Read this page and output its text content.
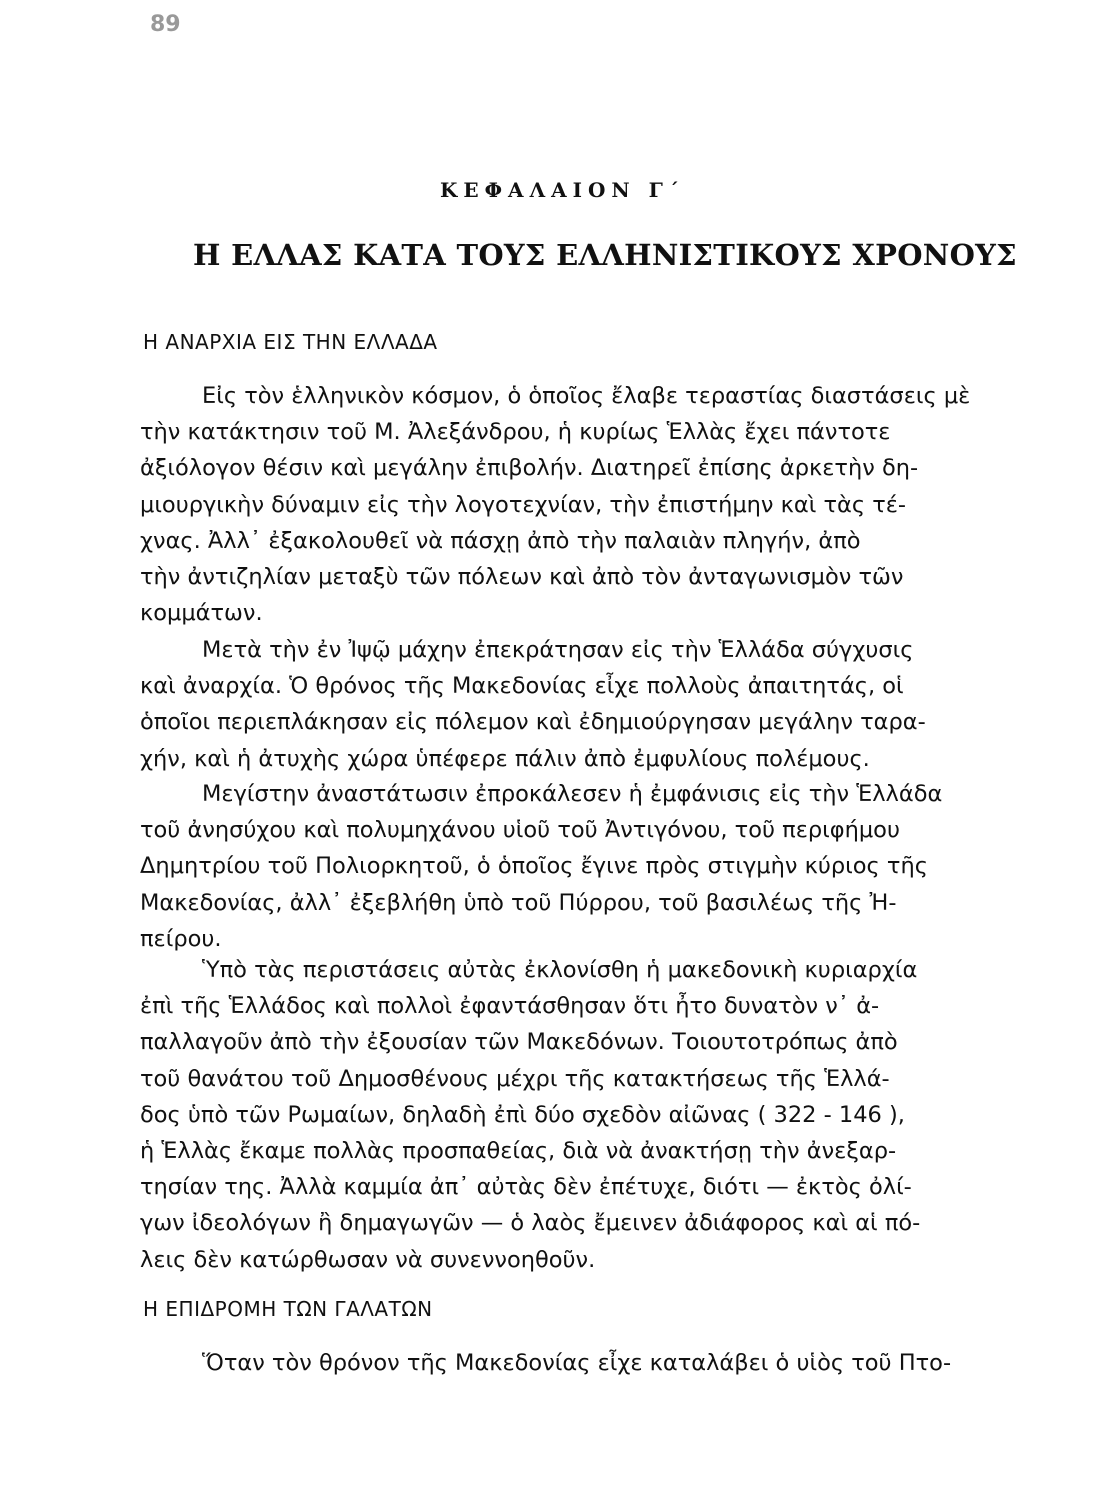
89
ΚΕΦΑΛΑΙΟΝ Γ΄
Η ΕΛΛΑΣ ΚΑΤΑ ΤΟΥΣ ΕΛΛΗΝΙΣΤΙΚΟΥΣ ΧΡΟΝΟΥΣ
Η ΑΝΑΡΧΙΑ ΕΙΣ ΤΗΝ ΕΛΛΑΔΑ
Εἰς τὸν ἑλληνικὸν κόσμον, ὁ ὁποῖος ἔλαβε τεραστίας διαστάσεις μὲ
τὴν κατάκτησιν τοῦ Μ. Ἀλεξάνδρου, ἡ κυρίως Ἑλλὰς ἔχει πάντοτε
ἀξιόλογον θέσιν καὶ μεγάλην ἐπιβολήν. Διατηρεῖ ἐπίσης ἀρκετὴν δη-
μιουργικὴν δύναμιν εἰς τὴν λογοτεχνίαν, τὴν ἐπιστήμην καὶ τὰς τέ-
χνας. Ἀλλ᾽ ἐξακολουθεῖ νὰ πάσχῃ ἀπὸ τὴν παλαιὰν πληγήν, ἀπὸ
τὴν ἀντιζηλίαν μεταξὺ τῶν πόλεων καὶ ἀπὸ τὸν ἀνταγωνισμὸν τῶν
κομμάτων.
Μετὰ τὴν ἐν Ἰψῷ μάχην ἐπεκράτησαν εἰς τὴν Ἑλλάδα σύγχυσις
καὶ ἀναρχία. Ὁ θρόνος τῆς Μακεδονίας εἶχε πολλοὺς ἀπαιτητάς, οἱ
ὁποῖοι περιεπλάκησαν εἰς πόλεμον καὶ ἐδημιούργησαν μεγάλην ταρα-
χήν, καὶ ἡ ἀτυχὴς χώρα ὑπέφερε πάλιν ἀπὸ ἐμφυλίους πολέμους.
Μεγίστην ἀναστάτωσιν ἐπροκάλεσεν ἡ ἐμφάνισις εἰς τὴν Ἑλλάδα
τοῦ ἀνησύχου καὶ πολυμηχάνου υἱοῦ τοῦ Ἀντιγόνου, τοῦ περιφήμου
Δημητρίου τοῦ Πολιορκητοῦ, ὁ ὁποῖος ἔγινε πρὸς στιγμὴν κύριος τῆς
Μακεδονίας, ἀλλ᾽ ἐξεβλήθη ὑπὸ τοῦ Πύρρου, τοῦ βασιλέως τῆς Ἠ-
πείρου.
Ὑπὸ τὰς περιστάσεις αὐτὰς ἐκλονίσθη ἡ μακεδονικὴ κυριαρχία
ἐπὶ τῆς Ἑλλάδος καὶ πολλοὶ ἐφαντάσθησαν ὅτι ἦτο δυνατὸν ν᾽ ἀ-
παλλαγοῦν ἀπὸ τὴν ἐξουσίαν τῶν Μακεδόνων. Τοιουτοτρόπως ἀπὸ
τοῦ θανάτου τοῦ Δημοσθένους μέχρι τῆς κατακτήσεως τῆς Ἑλλά-
δος ὑπὸ τῶν Ρωμαίων, δηλαδὴ ἐπὶ δύο σχεδὸν αἰῶνας ( 322 - 146 ),
ἡ Ἑλλὰς ἔκαμε πολλὰς προσπαθείας, διὰ νὰ ἀνακτήσῃ τὴν ἀνεξαρ-
τησίαν της. Ἀλλὰ καμμία ἀπ᾽ αὐτὰς δὲν ἐπέτυχε, διότι — ἐκτὸς ὀλί-
γων ἰδεολόγων ἢ δημαγωγῶν — ὁ λαὸς ἔμεινεν ἀδιάφορος καὶ αἱ πό-
λεις δὲν κατώρθωσαν νὰ συνεννοηθοῦν.
Η ΕΠΙΔΡΟΜΗ ΤΩΝ ΓΑΛΑΤΩΝ
Ὅταν τὸν θρόνον τῆς Μακεδονίας εἶχε καταλάβει ὁ υἱὸς τοῦ Πτο-
